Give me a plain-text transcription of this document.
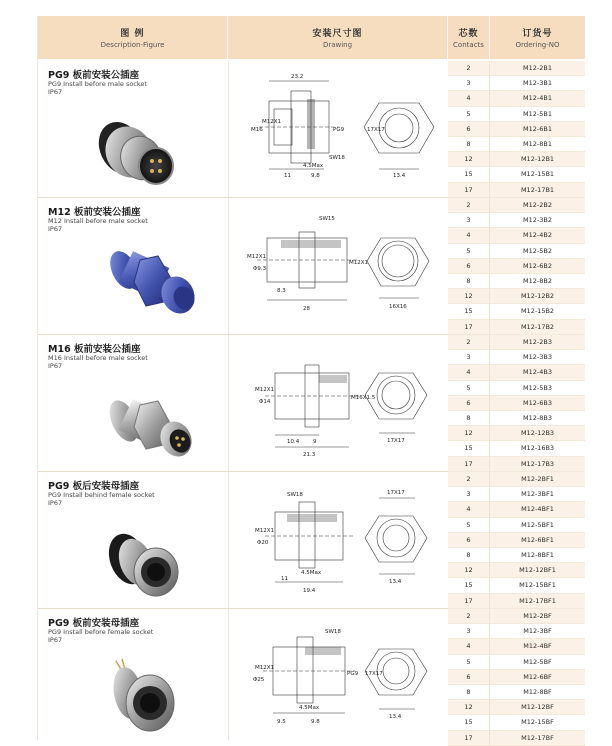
图 例
Description-Figure
安装尺寸图
Drawing
芯数
Contacts
订货号
Ordering-NO
PG9 板前安装公插座
PG9 Install before male socket
IP67
23.2
M16
M12X1
PG9	17X17
SW18
11
4.5Max
9.8	13.4
2	M12-2B1
3	M12-3B1
4	M12-4B1
5	M12-5B1
6	M12-6B1
8	M12-8B1
12	M12-12B1
15	M12-15B1
17	M12-17B1
M12 板前安装公插座
M12 Install before male socket
IP67
SW15
M12X1
Φ9.3
M12X1
8.3
28	16X16
2	M12-2B2
3	M12-3B2
4	M12-4B2
5	M12-5B2
6	M12-6B2
8	M12-8B2
12	M12-12B2
15	M12-15B2
17	M12-17B2
M16 板前安装公插座
M16 Install before male socket
IP67
M12X1
Φ14
M16X1.5
10.4	9
21.3
17X17
2	M12-2B3
3	M12-3B3
4	M12-4B3
5	M12-5B3
6	M12-6B3
8	M12-8B3
12	M12-12B3
15	M12-16B3
17	M12-17B3
PG9 板后安装母插座
PG9 Install behind female socket
IP67
SW18	17X17
M12X1
Φ20
4.5Max
11
19.4
13.4
2	M12-2BF1
3	M12-3BF1
4	M12-4BF1
5	M12-5BF1
6	M12-6BF1
8	M12-8BF1
12	M12-12BF1
15	M12-15BF1
17	M12-17BF1
PG9 板前安装母插座
PG9 Install before female socket
IP67
SW18
M12X1
Φ25
PG9 17X17
9.5
4.5Max
9.8
13.4
2	M12-2BF
3	M12-3BF
4	M12-4BF
5	M12-5BF
6	M12-6BF
8	M12-8BF
12	M12-12BF
15	M12-15BF
17	M12-17BF
